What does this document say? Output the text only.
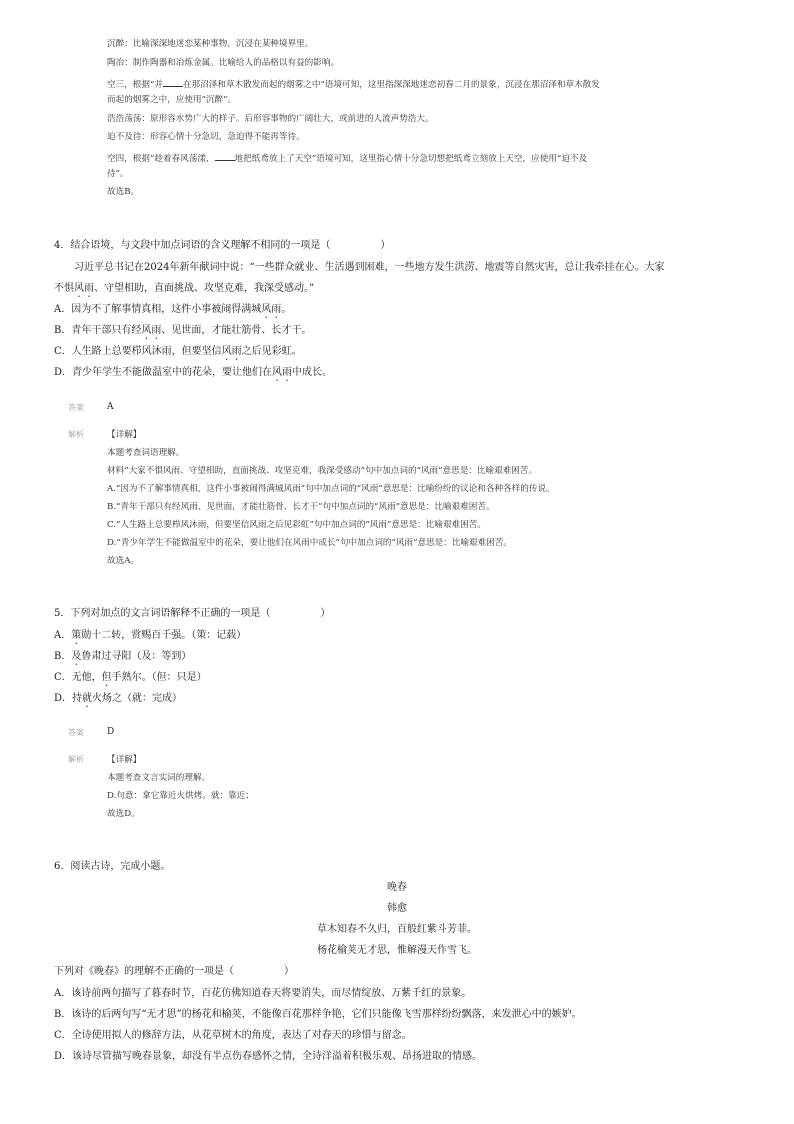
沉醉：比喻深深地迷恋某种事物，沉浸在某种境界里。
陶冶：制作陶器和冶炼金属。比喻给人的品格以有益的影响。
空三，根据“并 在那沼泽和草木散发而起的烟雾之中”语境可知，这里指深深地迷恋初春二月的景象，沉浸在那沼泽和草木散发
而起的烟雾之中，应使用“沉醉”。
浩浩荡荡：原形容水势广大的样子。后形容事物的广阔壮大，或前进的人流声势浩大。
迫不及待：形容心情十分急切，急迫得不能再等待。
空四，根据“趁着春风荡漾， 地把纸鸢放上了天空”语境可知，这里指心情十分急切想把纸鸢立刻放上天空，应使用“迫不及
待”。
故选B。
4．结合语境，与文段中加点词语的含义理解不相同的一项是（　　　　　）
　　习近平总书记在2024年新年献词中说：“一些群众就业、生活遇到困难，一些地方发生洪涝、地震等自然灾害，总让我牵挂在心。大家
不惧风雨、守望相助，直面挑战、攻坚克难，我深受感动。”
A．因为不了解事情真相，这件小事被闹得满城风雨。
B．青年干部只有经风雨、见世面，才能壮筋骨、长才干。
C．人生路上总要栉风沐雨，但要坚信风雨之后见彩虹。
D．青少年学生不能做温室中的花朵，要让他们在风雨中成长。
答案	A
解析	【详解】
本题考查词语理解。
材料“大家不惧风雨、守望相助，直面挑战、攻坚克难，我深受感动”句中加点词的“风雨”意思是：比喻艰难困苦。
A.“因为不了解事情真相，这件小事被闹得满城风雨”句中加点词的“风雨”意思是：比喻纷纷的议论和各种各样的传说。
B.“青年干部只有经风雨、见世面，才能壮筋骨、长才干”句中加点词的“风雨”意思是：比喻艰难困苦。
C.“人生路上总要栉风沐雨，但要坚信风雨之后见彩虹”句中加点词的“风雨”意思是：比喻艰难困苦。
D.“青少年学生不能做温室中的花朵，要让他们在风雨中成长”句中加点词的“风雨”意思是：比喻艰难困苦。
故选A。
5．下列对加点的文言词语解释不正确的一项是（　　　　　）
A．策勋十二转，赏赐百千强。（策：记载）
B．及鲁肃过寻阳（及：等到）
C．无他，但手熟尔。（但：只是）
D．持就火炀之（就：完成）
答案	D
解析	【详解】
本题考查文言实词的理解。
D.句意：拿它靠近火烘烤。就：靠近；
故选D。
6．阅读古诗，完成小题。
晚春
韩愈
草木知春不久归，百般红紫斗芳菲。
杨花榆荚无才思，惟解漫天作雪飞。
下列对《晚春》的理解不正确的一项是（　　　　　）
A．该诗前两句描写了暮春时节，百花仿佛知道春天将要消失，而尽情绽放、万紫千红的景象。
B．该诗的后两句写“无才思”的杨花和榆荚，不能像百花那样争艳，它们只能像飞雪那样纷纷飘落，来发泄心中的嫉妒。
C．全诗使用拟人的修辞方法，从花草树木的角度，表达了对春天的珍惜与留念。
D．该诗尽管描写晚春景象，却没有半点伤春感怀之情，全诗洋溢着积极乐观、昂扬进取的情感。
